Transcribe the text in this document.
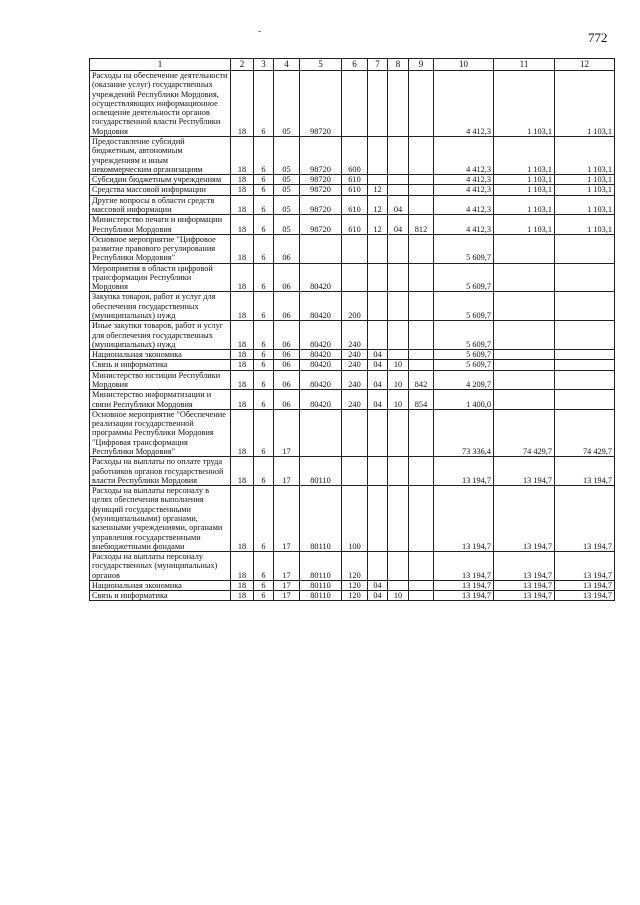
-	772
1	2	3	4	5	6	7	8	9	10	11	12
Расходы на обеспечение деятельности (оказание услуг) государственных учреждений Республики Мордовия, осуществляющих информационное освещение деятельности органов государственной власти Республики Мордовия	18	6	05	98720					4 412,3	1 103,1	1 103,1
Предоставление субсидий бюджетным, автономным учреждениям и иным некоммерческим организациям	18	6	05	98720	600				4 412,3	1 103,1	1 103,1
Субсидии бюджетным учреждениям	18	6	05	98720	610				4 412,3	1 103,1	1 103,1
Средства массовой информации	18	6	05	98720	610	12			4 412,3	1 103,1	1 103,1
Другие вопросы в области средств массовой информации	18	6	05	98720	610	12	04		4 412,3	1 103,1	1 103,1
Министерство печати и информации Республики Мордовия	18	6	05	98720	610	12	04	812	4 412,3	1 103,1	1 103,1
Основное мероприятие "Цифровое развитие правового регулирования Республики Мордовия"	18	6	06						5 609,7		
Мероприятия в области цифровой трансформации Республики Мордовия	18	6	06	80420					5 609,7		
Закупка товаров, работ и услуг для обеспечения государственных (муниципальных) нужд	18	6	06	80420	200				5 609,7		
Иные закупки товаров, работ и услуг для обеспечения государственных (муниципальных) нужд	18	6	06	80420	240				5 609,7		
Национальная экономика	18	6	06	80420	240	04			5 609,7		
Связь и информатика	18	6	06	80420	240	04	10		5 609,7		
Министерство юстиции Республики Мордовия	18	6	06	80420	240	04	10	842	4 209,7		
Министерство информатизации и связи Республики Мордовия	18	6	06	80420	240	04	10	854	1 400,0		
Основное мероприятие "Обеспечение реализации государственной программы Республики Мордовия "Цифровая трансформация Республики Мордовия"	18	6	17						73 336,4	74 429,7	74 429,7
Расходы на выплаты по оплате труда работников органов государственной власти Республики Мордовия	18	6	17	80110					13 194,7	13 194,7	13 194,7
Расходы на выплаты персоналу в целях обеспечения выполнения функций государственными (муниципальными) органами, казенными учреждениями, органами управления государственными внебюджетными фондами	18	6	17	80110	100				13 194,7	13 194,7	13 194,7
Расходы на выплаты персоналу государственных (муниципальных) органов	18	6	17	80110	120				13 194,7	13 194,7	13 194,7
Национальная экономика	18	6	17	80110	120	04			13 194,7	13 194,7	13 194,7
Связь и информатика	18	6	17	80110	120	04	10		13 194,7	13 194,7	13 194,7
